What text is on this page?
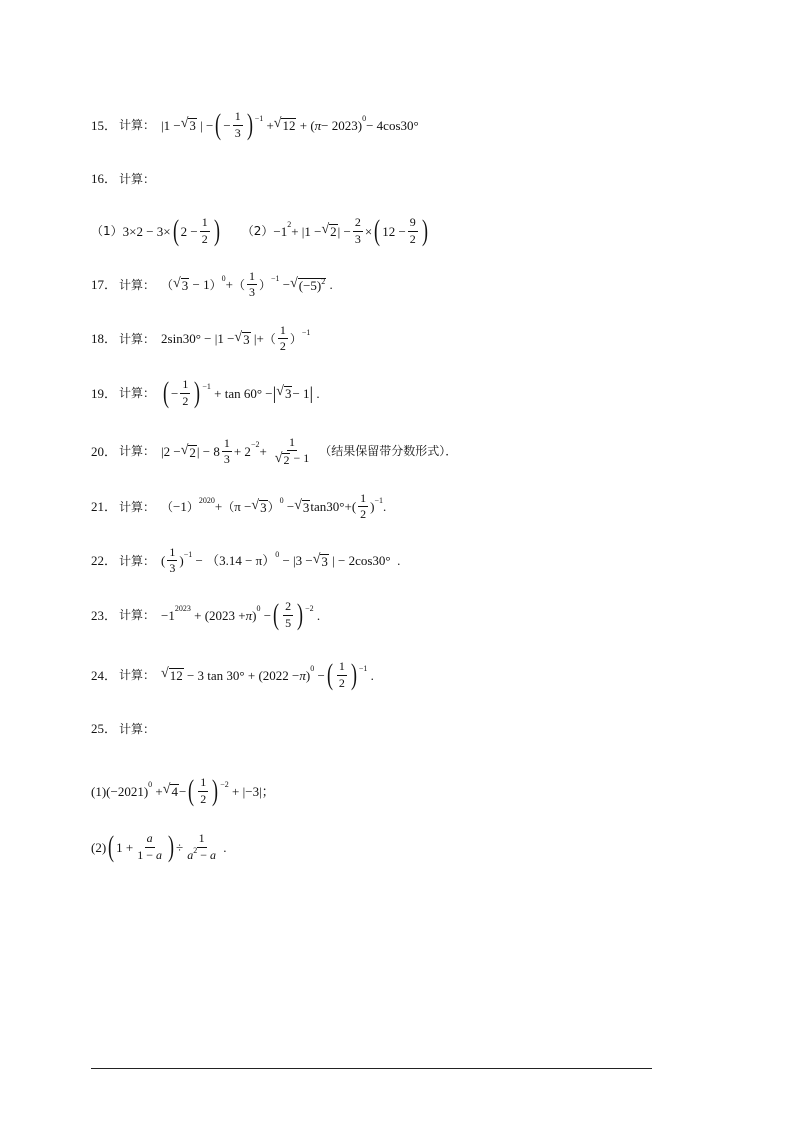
15． 计算： |1 − √ 3 | − ( − $\frac{1}{3}$ ) $^{-1}$ + √ 12 + ( π − 2023)$^0$ − 4cos30°
16． 计算：
（1） 3×2 − 3× ( $2 - \frac{1}{2}$ ) $(2) -1^2 + |1$ − √ 2 | − $\frac{2}{3}$ × ( $12 - \frac{9}{2}$ )
17． 计算： （ √ 3 − 1 ）$^0$ + （ $\frac{1}{3} )^{-1}$ − √ $(-5)^2$ .
18． 计算： 2sin30° − |1 − √ 3 |+ （ $\frac{1}{2} )^{-1}$
19． 计算： ( − $\frac{1}{2}$ ) $^{-1}$ + tan 60° − | √ 3 − 1 | .
20． 计算： |2 − √ 2 | − $8 \frac{1}{3} + 2^{-2} + \frac{1}{√ 2 - 1}$ （结果保留带分数形式）．
21． 计算： （ −1 ）$^{2020}$ + （ π − √ 3 ）$^0$ − √ 3 $\tan 30^\circ+( \frac{1}{2} )^{-1}$ .
22． 计算： ( $\frac{1}{3} )^{-1} - (3.14 - \pi)^0 - |3$ − √ 3 | − 2cos30°  .
23． 计算： $-1^{2023} + (2023 + \pi$ )$^0$ − ( $\frac{2}{5}$ ) $^{-2}$ .
24． 计算： √ 12 − 3 tan 30° + (2022 − π )$^0$ − ( $\frac{1}{2}$ ) $^{-1}$ .
25． 计算：
$(1)(-2021)^0$ + √ 4 − ( $\frac{1}{2}$ ) $^{-2}$ + |−3|；
(2) ( $1 + \frac{a}{1 - a}$ ) ÷ $\frac{1}{a^2 - a}$ .
